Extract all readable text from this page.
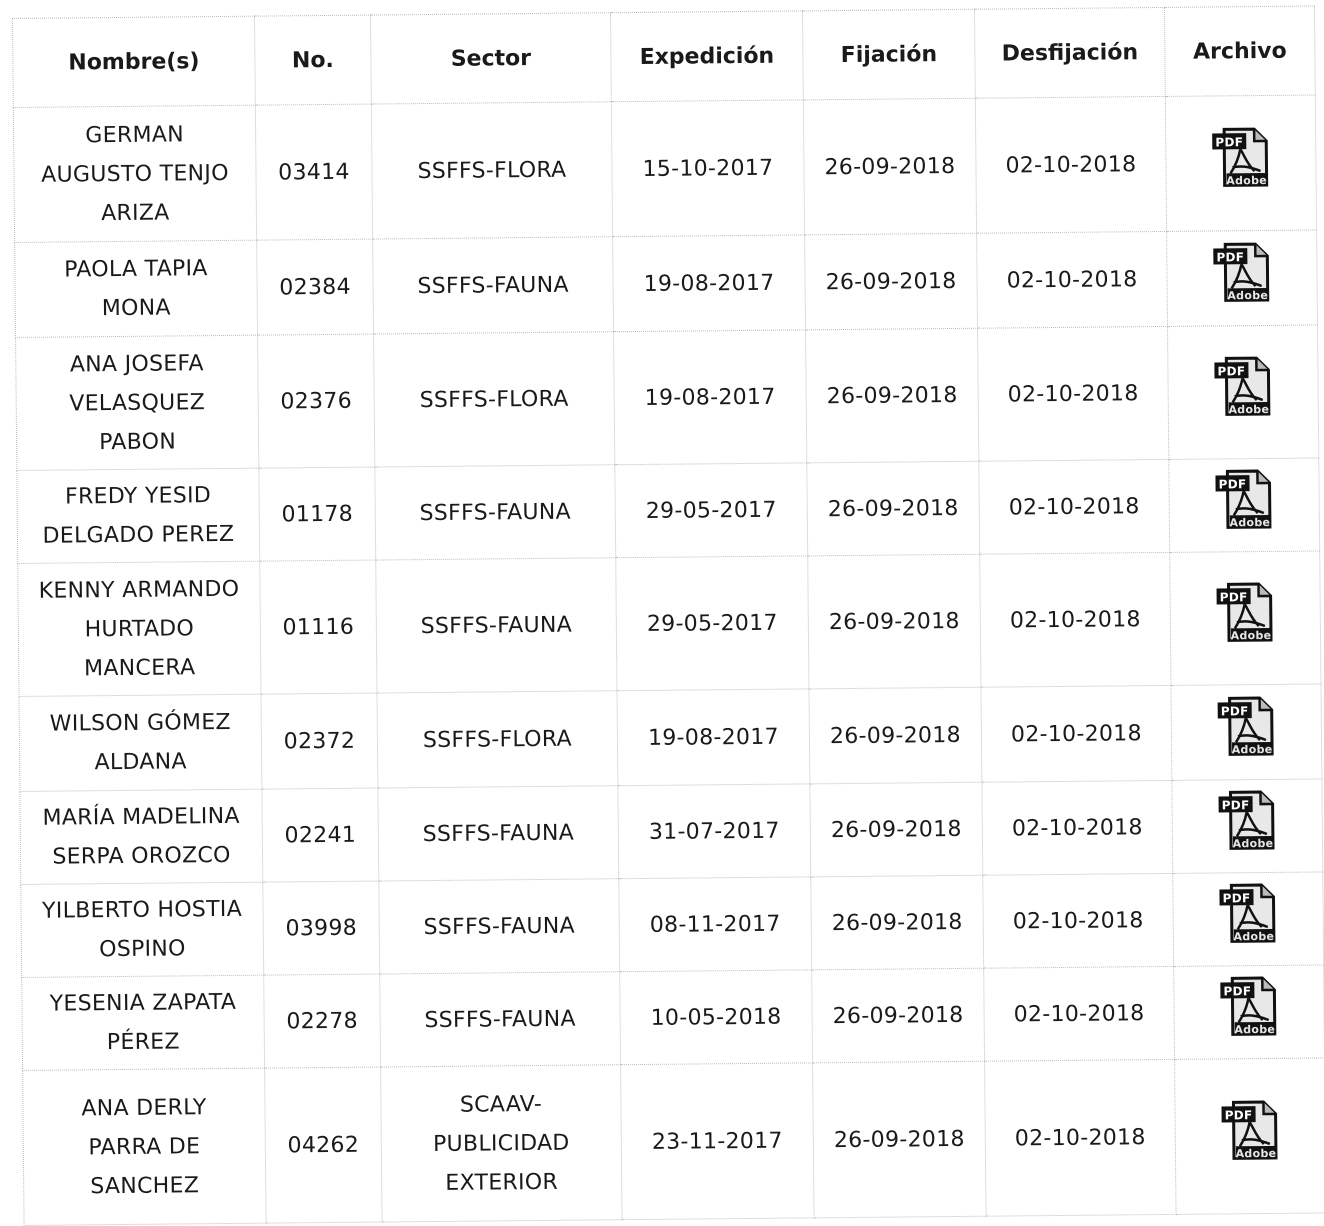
Nombre(s)	No.	Sector	Expedición	Fijación	Desfijación	Archivo
GERMAN
AUGUSTO TENJO
ARIZA	03414	SSFFS-FLORA	15-10-2017	26-09-2018	02-10-2018	PDF
Adobe

PAOLA TAPIA
MONA	02384	SSFFS-FAUNA	19-08-2017	26-09-2018	02-10-2018	PDF
Adobe

ANA JOSEFA
VELASQUEZ
PABON	02376	SSFFS-FLORA	19-08-2017	26-09-2018	02-10-2018	PDF
Adobe

FREDY YESID
DELGADO PEREZ	01178	SSFFS-FAUNA	29-05-2017	26-09-2018	02-10-2018	PDF
Adobe

KENNY ARMANDO
HURTADO
MANCERA	01116	SSFFS-FAUNA	29-05-2017	26-09-2018	02-10-2018	PDF
Adobe

WILSON GÓMEZ
ALDANA	02372	SSFFS-FLORA	19-08-2017	26-09-2018	02-10-2018	PDF
Adobe

MARÍA MADELINA
SERPA OROZCO	02241	SSFFS-FAUNA	31-07-2017	26-09-2018	02-10-2018	PDF
Adobe

YILBERTO HOSTIA
OSPINO	03998	SSFFS-FAUNA	08-11-2017	26-09-2018	02-10-2018	PDF
Adobe

YESENIA ZAPATA
PÉREZ	02278	SSFFS-FAUNA	10-05-2018	26-09-2018	02-10-2018	PDF
Adobe

ANA DERLY
PARRA DE
SANCHEZ	04262	SCAAV-
PUBLICIDAD
EXTERIOR	23-11-2017	26-09-2018	02-10-2018	PDF
Adobe
